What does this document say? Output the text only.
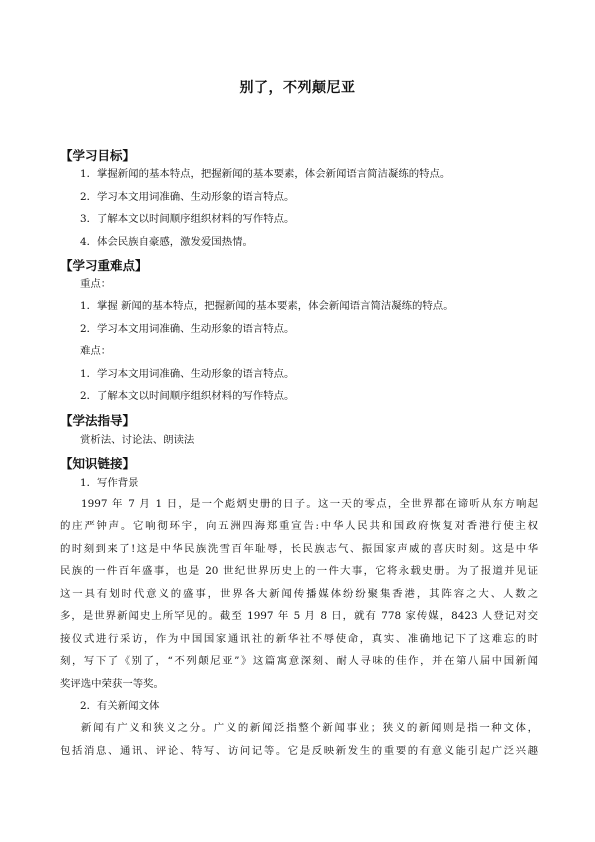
别了，不列颠尼亚
【学习目标】
1．掌握新闻的基本特点，把握新闻的基本要素，体会新闻语言简洁凝练的特点。
2．学习本文用词准确、生动形象的语言特点。
3．了解本文以时间顺序组织材料的写作特点。
4．体会民族自豪感，激发爱国热情。
【学习重难点】
重点：
1．掌握 新闻的基本特点，把握新闻的基本要素，体会新闻语言简洁凝练的特点。
2．学习本文用词准确、生动形象的语言特点。
难点：
1．学习本文用词准确、生动形象的语言特点。
2．了解本文以时间顺序组织材料的写作特点。
【学法指导】
赏析法、讨论法、朗读法
【知识链接】
1．写作背景
1997 年 7 月 1 日，是一个彪炳史册的日子。这一天的零点，全世界都在谛听从东方响起
的庄严钟声。它响彻环宇，向五洲四海郑重宣告:中华人民共和国政府恢复对香港行使主权
的时刻到来了!这是中华民族洗雪百年耻辱，长民族志气、振国家声威的喜庆时刻。这是中华
民族的一件百年盛事，也是 20 世纪世界历史上的一件大事，它将永载史册。为了报道并见证
这一具有划时代意义的盛事，世界各大新闻传播媒体纷纷聚集香港，其阵容之大、人数之
多，是世界新闻史上所罕见的。截至 1997 年 5 月 8 日，就有 778 家传媒，8423 人登记对交
接仪式进行采访，作为中国国家通讯社的新华社不辱使命，真实、准确地记下了这难忘的时
刻，写下了《别了，“不列颠尼亚”》这篇寓意深刻、耐人寻味的佳作，并在第八届中国新闻
奖评选中荣获一等奖。
2．有关新闻文体
新闻有广义和狭义之分。广义的新闻泛指整个新闻事业；狭义的新闻则是指一种文体，
包括消息、通讯、评论、特写、访问记等。它是反映新发生的重要的有意义能引起广泛兴趣
